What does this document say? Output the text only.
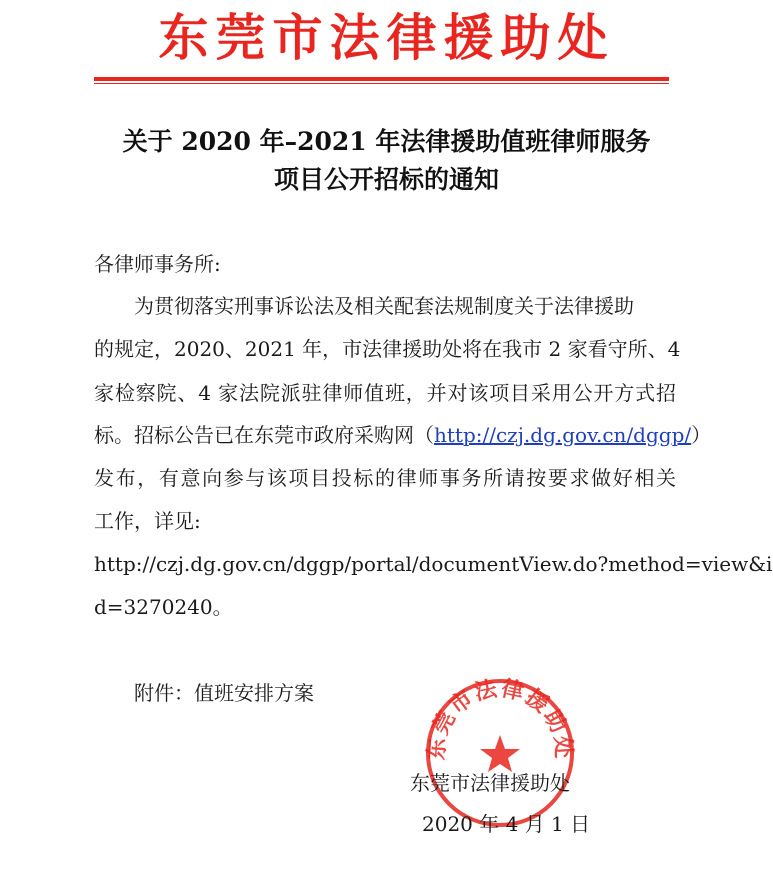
东莞市法律援助处
关于 2020 年–2021 年法律援助值班律师服务
项目公开招标的通知
各律师事务所:
为贯彻落实刑事诉讼法及相关配套法规制度关于法律援助
的规定，2020、2021 年，市法律援助处将在我市 2 家看守所、4
家检察院、4 家法院派驻律师值班，并对该项目采用公开方式招
标。招标公告已在东莞市政府采购网（http://czj.dg.gov.cn/dggp/）
发布，有意向参与该项目投标的律师事务所请按要求做好相关
工作，详见:
http://czj.dg.gov.cn/dggp/portal/documentView.do?method=view&i
d=3270240。
附件：值班安排方案
东莞市法律援助处
东莞市法律援助处
2020 年 4 月 1 日
